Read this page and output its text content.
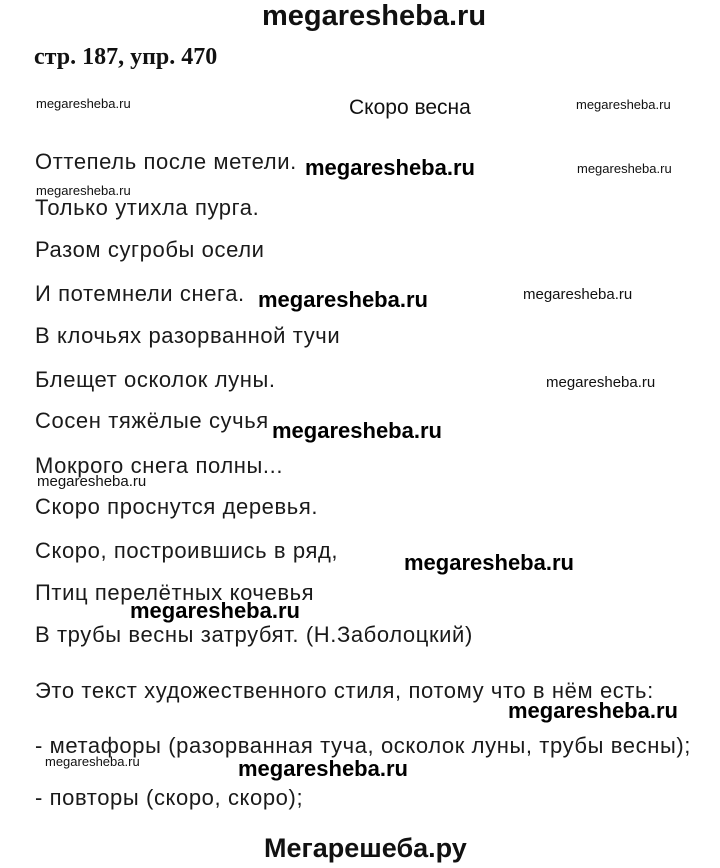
megaresheba.ru
стр. 187, упр. 470
Скоро весна
Оттепель после метели.
Только утихла пурга.
Разом сугробы осели
И потемнели снега.
В клочьях разорванной тучи
Блещет осколок луны.
Сосен тяжёлые сучья
Мокрого снега полны...
Скоро проснутся деревья.
Скоро, построившись в ряд,
Птиц перелётных кочевья
В трубы весны затрубят. (Н.Заболоцкий)
Это текст художественного стиля, потому что в нём есть:
- метафоры (разорванная туча, осколок луны, трубы весны);
- повторы (скоро, скоро);
megaresheba.ru	megaresheba.ru
megaresheba.ru	megaresheba.ru
megaresheba.ru
megaresheba.ru	megaresheba.ru
megaresheba.ru
megaresheba.ru
megaresheba.ru
megaresheba.ru
megaresheba.ru
megaresheba.ru
megaresheba.ru	megaresheba.ru
Мегарешеба.ру
